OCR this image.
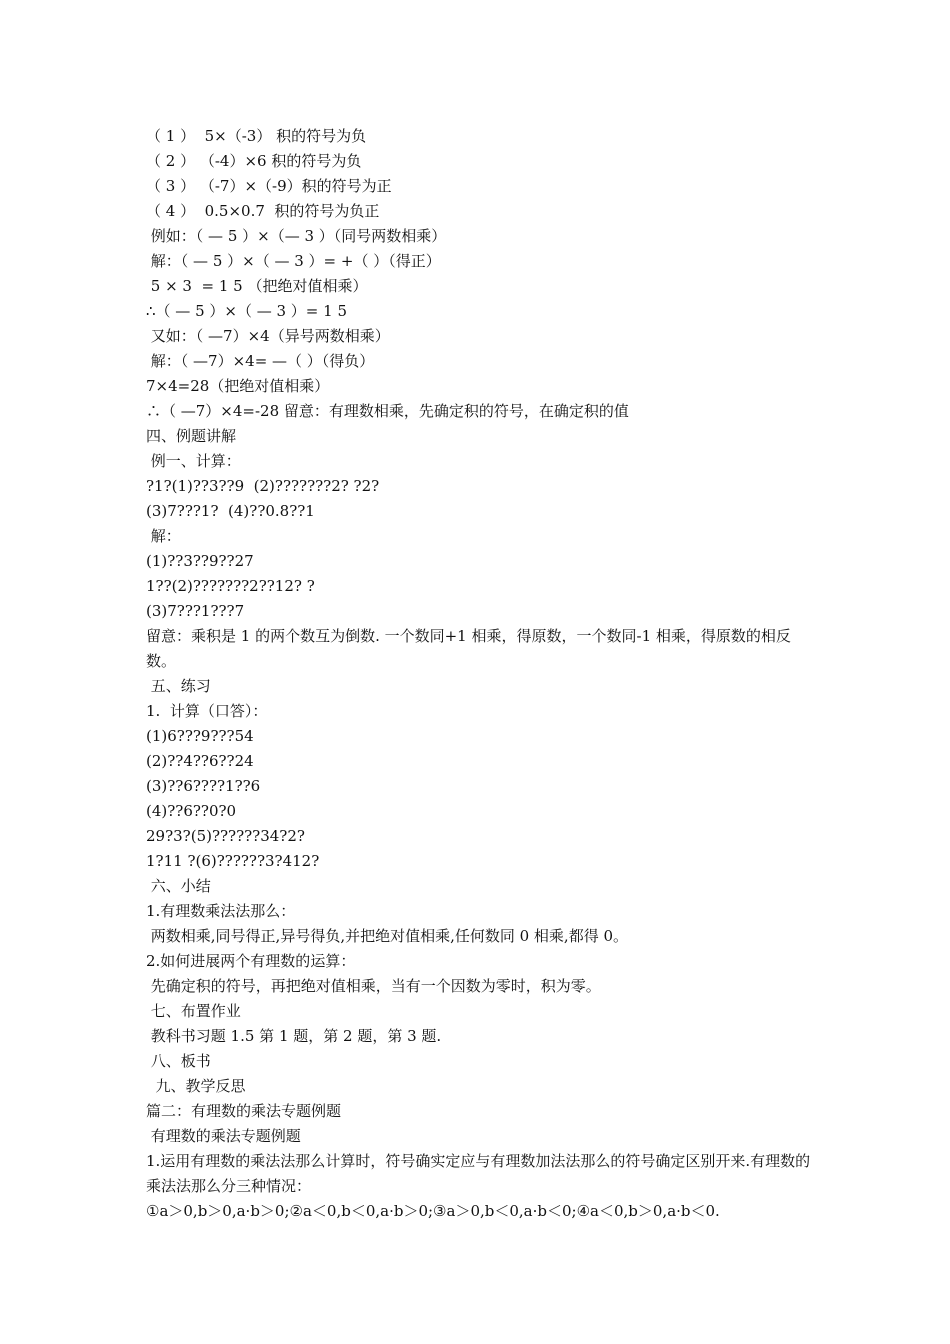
（ 1 ）  5×（-3） 积的符号为负

（ 2 ） （-4）×6 积的符号为负

（ 3 ） （-7）×（-9）积的符号为正

（ 4 ）  0.5×0.7  积的符号为负正

例如：（ — 5 ）×（— 3 ）（同号两数相乘）

解：（ — 5 ）×（ — 3 ）= +（ ）（得正）

5 × 3  = 1 5 （把绝对值相乘）

∴（ — 5 ）×（ — 3 ）= 1 5

又如：（ —7）×4（异号两数相乘）

解：（ —7）×4= —（ ）（得负）

7×4=28（把绝对值相乘）

∴（ —7）×4=-28 留意：有理数相乘，先确定积的符号，在确定积的值

四、例题讲解

例一、计算：

?1?(1)??3??9  (2)???????2? ?2?

(3)7???1?  (4)??0.8??1

解：

(1)??3??9??27

1??(2)???????2??12? ?

(3)7???1???7

留意：乘积是 1 的两个数互为倒数. 一个数同+1 相乘，得原数，一个数同-1 相乘，得原数的相反数。

五、练习

1.  计算（口答）：

(1)6???9???54

(2)??4??6??24

(3)??6????1??6

(4)??6??0?0

29?3?(5)??????34?2?

1?11 ?(6)??????3?412?

六、小结

1.有理数乘法法那么：

两数相乘,同号得正,异号得负,并把绝对值相乘,任何数同 0 相乘,都得 0。

2.如何进展两个有理数的运算：

先确定积的符号，再把绝对值相乘，当有一个因数为零时，积为零。

七、布置作业

教科书习题 1.5 第 1 题，第 2 题，第 3 题.

八、板书

九、教学反思

篇二：有理数的乘法专题例题

有理数的乘法专题例题

1.运用有理数的乘法法那么计算时，符号确实定应与有理数加法法那么的符号确定区别开来.有理数的乘法法那么分三种情况：

①a＞0,b＞0,a·b＞0;②a＜0,b＜0,a·b＞0;③a＞0,b＜0,a·b＜0;④a＜0,b＞0,a·b＜0.
